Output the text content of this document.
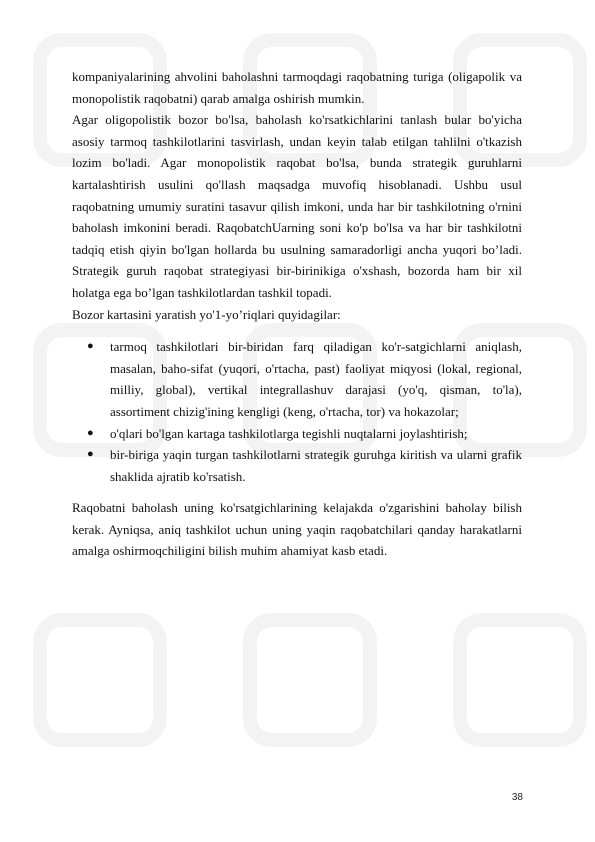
kompaniyalarining ahvolini baholashni tarmoqdagi raqobatning turiga (oligapolik va monopolistik raqobatni) qarab amalga oshirish mumkin.

Agar oligopolistik bozor bo'lsa, baholash ko'rsatkichlarini tanlash bular bo'yicha asosiy tarmoq tashkilotlarini tasvirlash, undan keyin talab etilgan tahlilni o'tkazish lozim bo'ladi. Agar monopolistik raqobat bo'lsa, bunda strategik guruhlarni kartalashtirish usulini qo'llash maqsadga muvofiq hisoblanadi. Ushbu usul raqobatning umumiy suratini tasavur qilish imkoni, unda har bir tashkilotning o'rnini baholash imkonini beradi. RaqobatchUarning soni ko'p bo'lsa va har bir tashkilotni tadqiq etish qiyin bo'lgan hollarda bu usulning samaradorligi ancha yuqori bo’ladi. Strategik guruh raqobat strategiyasi bir-birinikiga o'xshash, bozorda ham bir xil holatga ega bo’lgan tashkilotlardan tashkil topadi.

Bozor kartasini yaratish yo'1-yo’riqlari quyidagilar:

● tarmoq tashkilotlari bir-biridan farq qiladigan ko'r-satgichlarni aniqlash, masalan, baho-sifat (yuqori, o'rtacha, past) faoliyat miqyosi (lokal, regional, milliy, global), vertikal integrallashuv darajasi (yo'q, qisman, to'la), assortiment chizig'ining kengligi (keng, o'rtacha, tor) va hokazolar;
● o'qlari bo'lgan kartaga tashkilotlarga tegishli nuqtalarni joylashtirish;
● bir-biriga yaqin turgan tashkilotlarni strategik guruhga kiritish va ularni grafik shaklida ajratib ko'rsatish.

Raqobatni baholash uning ko'rsatgichlarining kelajakda o'zgarishini baholay bilish kerak. Ayniqsa, aniq tashkilot uchun uning yaqin raqobatchilari qanday harakatlarni amalga oshirmoqchiligini bilish muhim ahamiyat kasb etadi.

38
